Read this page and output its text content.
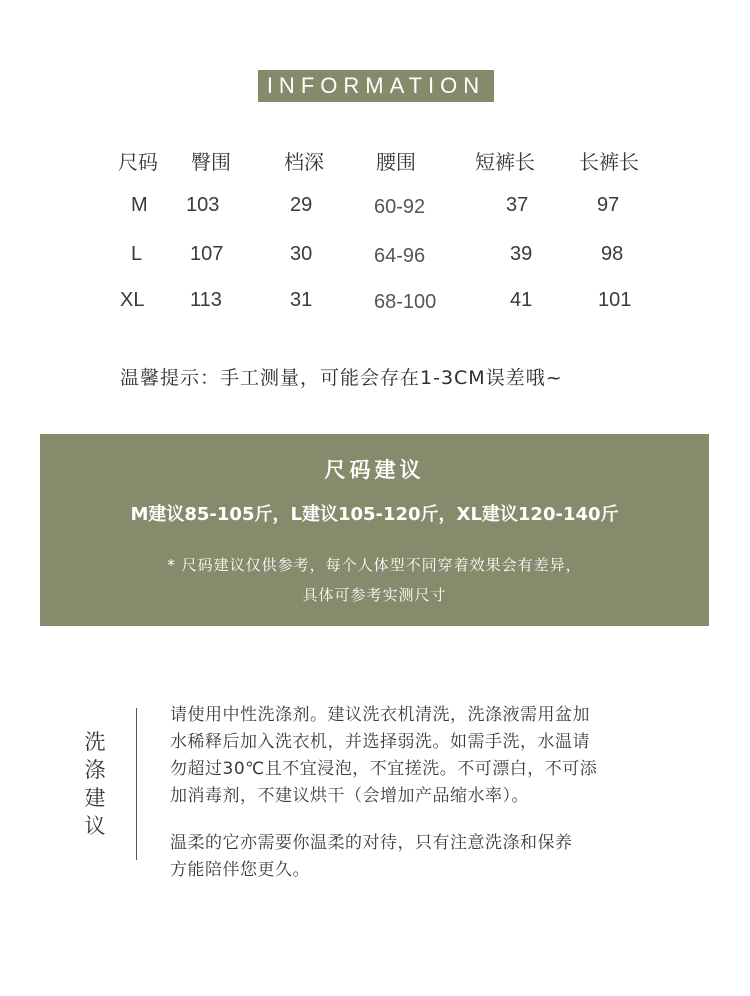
INFORMATION
尺码 臀围	档深	腰围	短裤长 长裤长
M 103	29	60-92	37	97
L 107	30	64-96	39	98
XL 113	31	68-100	41	101
温馨提示：手工测量，可能会存在1-3CM误差哦~
尺码建议
M建议85-105斤，L建议105-120斤，XL建议120-140斤
* 尺码建议仅供参考，每个人体型不同穿着效果会有差异，
具体可参考实测尺寸
洗
涤
建
议
请使用中性洗涤剂。建议洗衣机清洗，洗涤液需用盆加
水稀释后加入洗衣机，并选择弱洗。如需手洗，水温请
勿超过30℃且不宜浸泡，不宜搓洗。不可漂白，不可添
加消毒剂，不建议烘干（会增加产品缩水率）。
温柔的它亦需要你温柔的对待，只有注意洗涤和保养
方能陪伴您更久。
